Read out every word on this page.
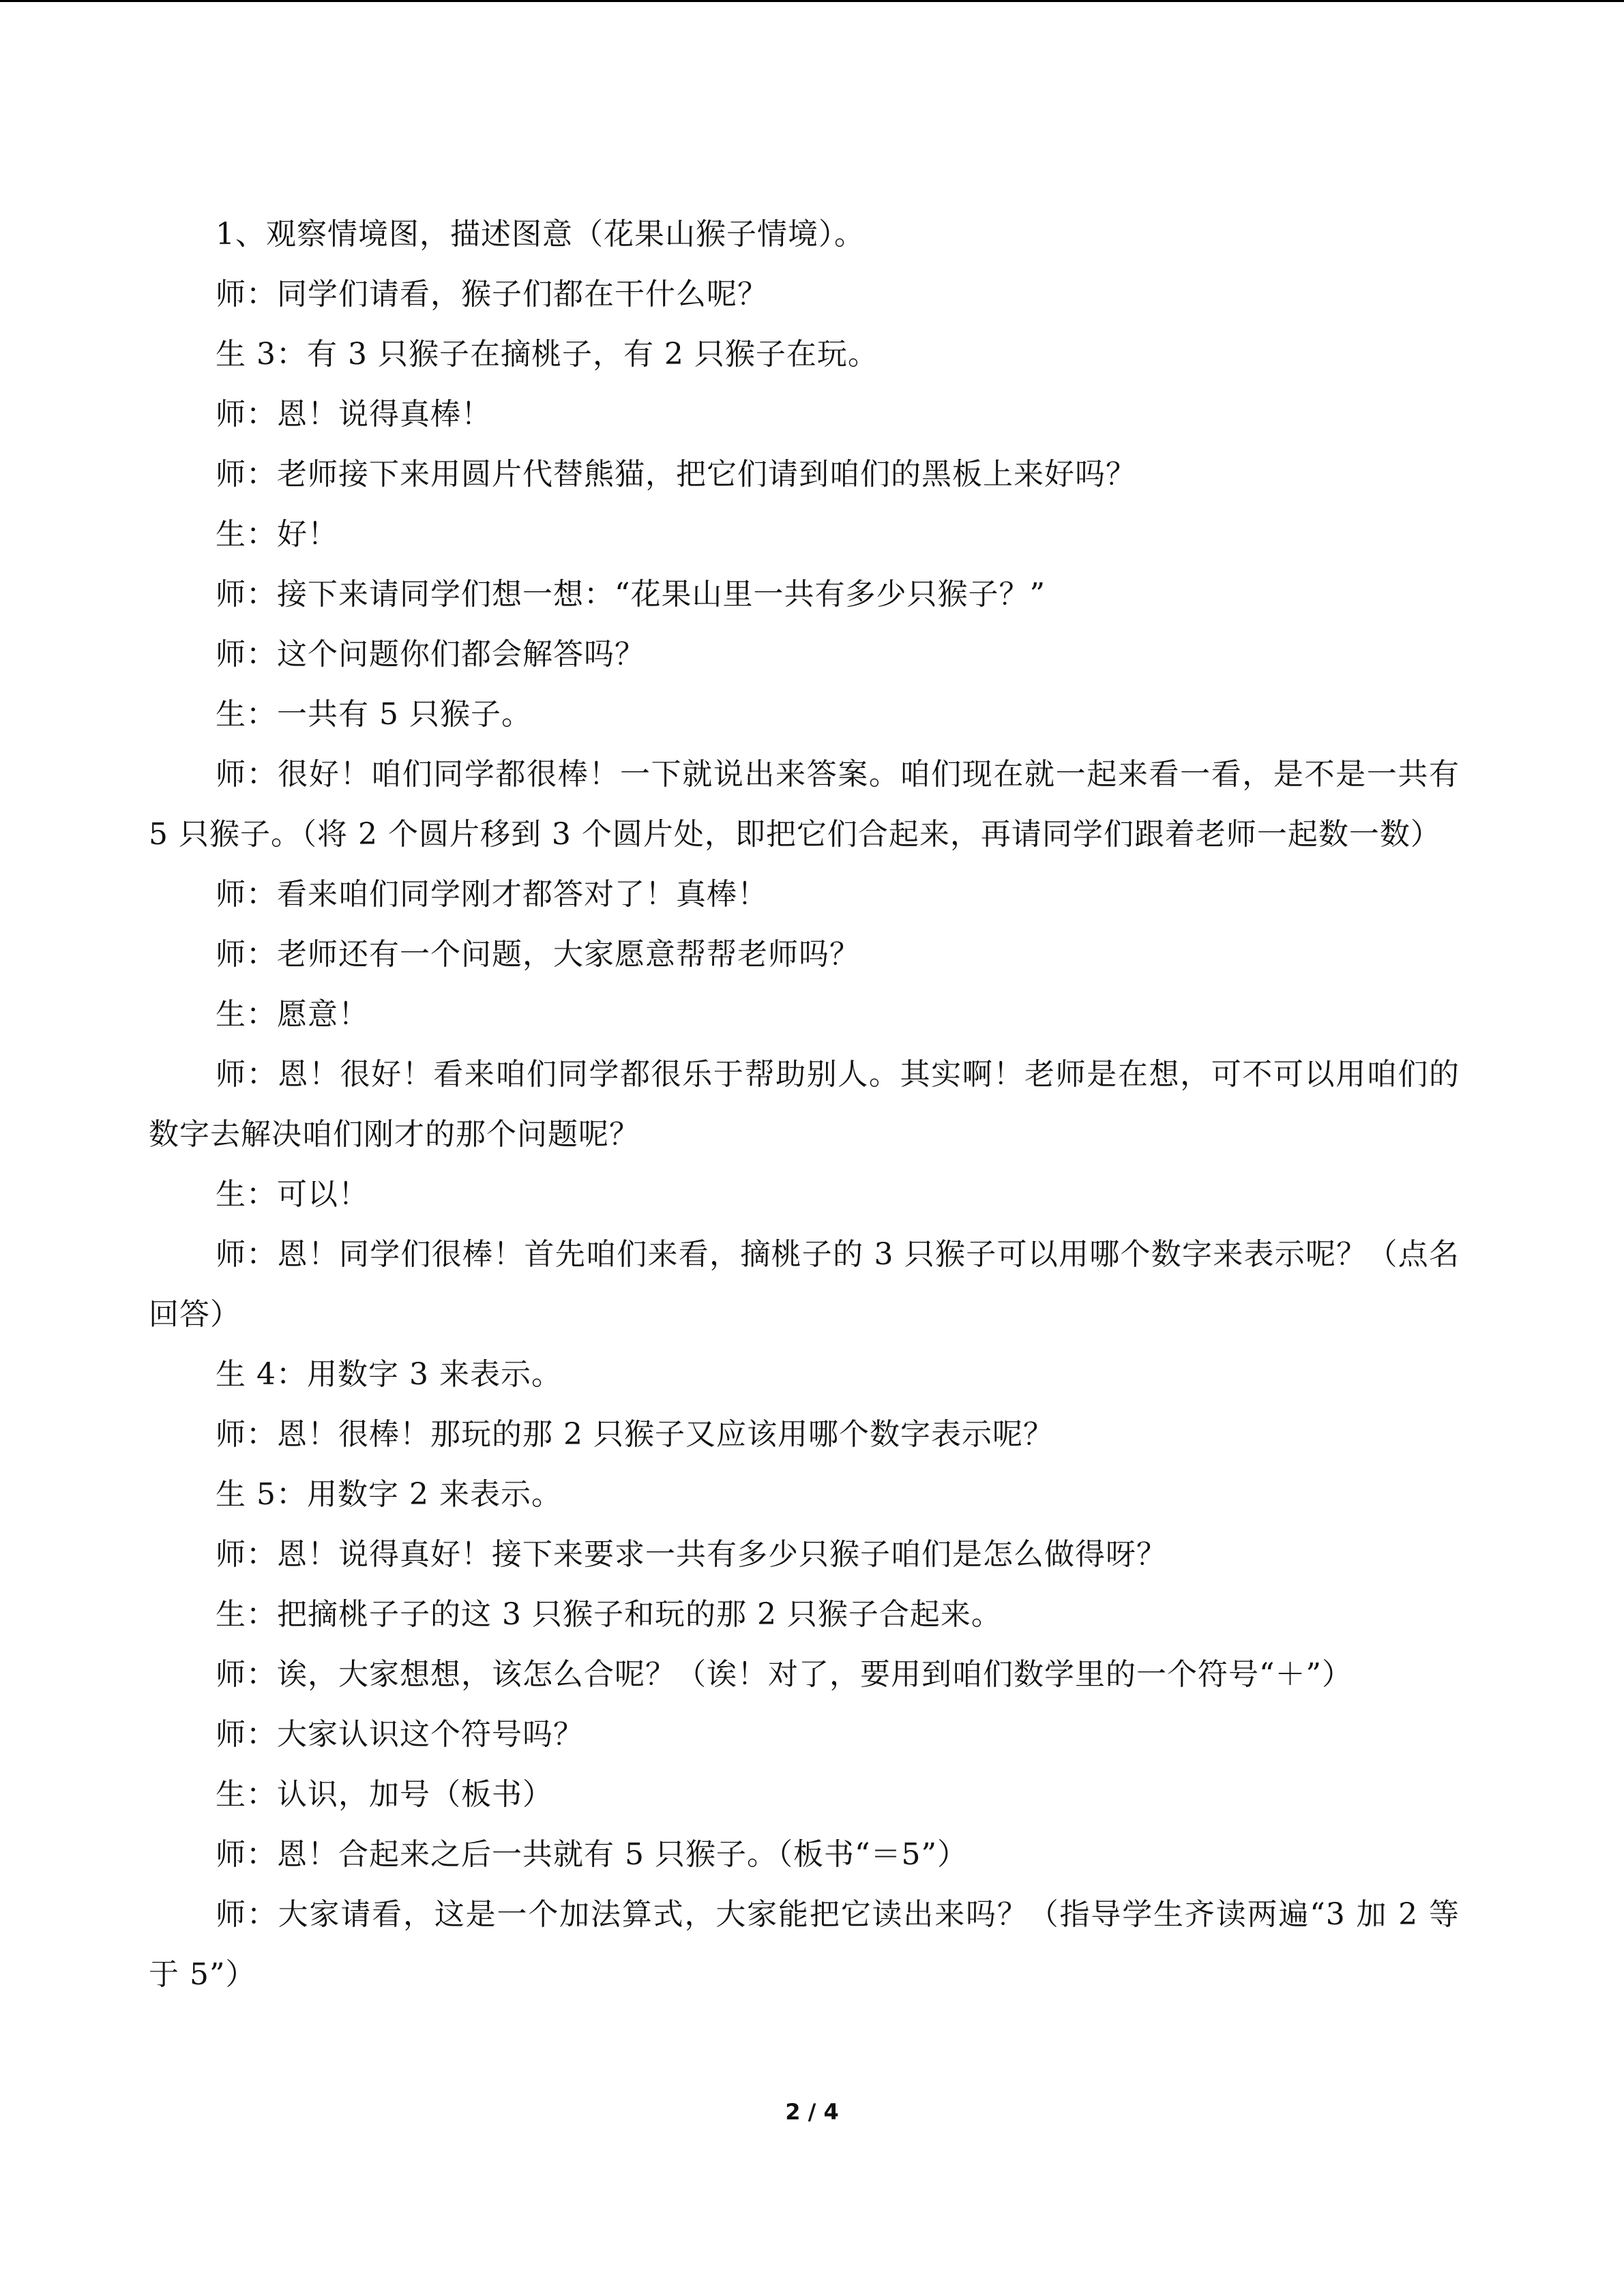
1、观察情境图，描述图意（花果山猴子情境）。

师：同学们请看，猴子们都在干什么呢？

生 3：有 3 只猴子在摘桃子，有 2 只猴子在玩。

师：恩！说得真棒！

师：老师接下来用圆片代替熊猫，把它们请到咱们的黑板上来好吗？

生：好！

师：接下来请同学们想一想：“花果山里一共有多少只猴子？”

师：这个问题你们都会解答吗？

生：一共有 5 只猴子。

师：很好！咱们同学都很棒！一下就说出来答案。咱们现在就一起来看一看，是不是一共有 5 只猴子。（将 2 个圆片移到 3 个圆片处，即把它们合起来，再请同学们跟着老师一起数一数）

师：看来咱们同学刚才都答对了！真棒！

师：老师还有一个问题，大家愿意帮帮老师吗？

生：愿意！

师：恩！很好！看来咱们同学都很乐于帮助别人。其实啊！老师是在想，可不可以用咱们的数字去解决咱们刚才的那个问题呢？

生：可以！

师：恩！同学们很棒！首先咱们来看，摘桃子的 3 只猴子可以用哪个数字来表示呢？（点名回答）

生 4：用数字 3 来表示。

师：恩！很棒！那玩的那 2 只猴子又应该用哪个数字表示呢？

生 5：用数字 2 来表示。

师：恩！说得真好！接下来要求一共有多少只猴子咱们是怎么做得呀？

生：把摘桃子子的这 3 只猴子和玩的那 2 只猴子合起来。

师：诶，大家想想，该怎么合呢？（诶！对了，要用到咱们数学里的一个符号“＋”）

师：大家认识这个符号吗？

生：认识，加号（板书）

师：恩！合起来之后一共就有 5 只猴子。（板书“＝5”）

师：大家请看，这是一个加法算式，大家能把它读出来吗？（指导学生齐读两遍“3 加 2 等于 5”）

2 / 4
